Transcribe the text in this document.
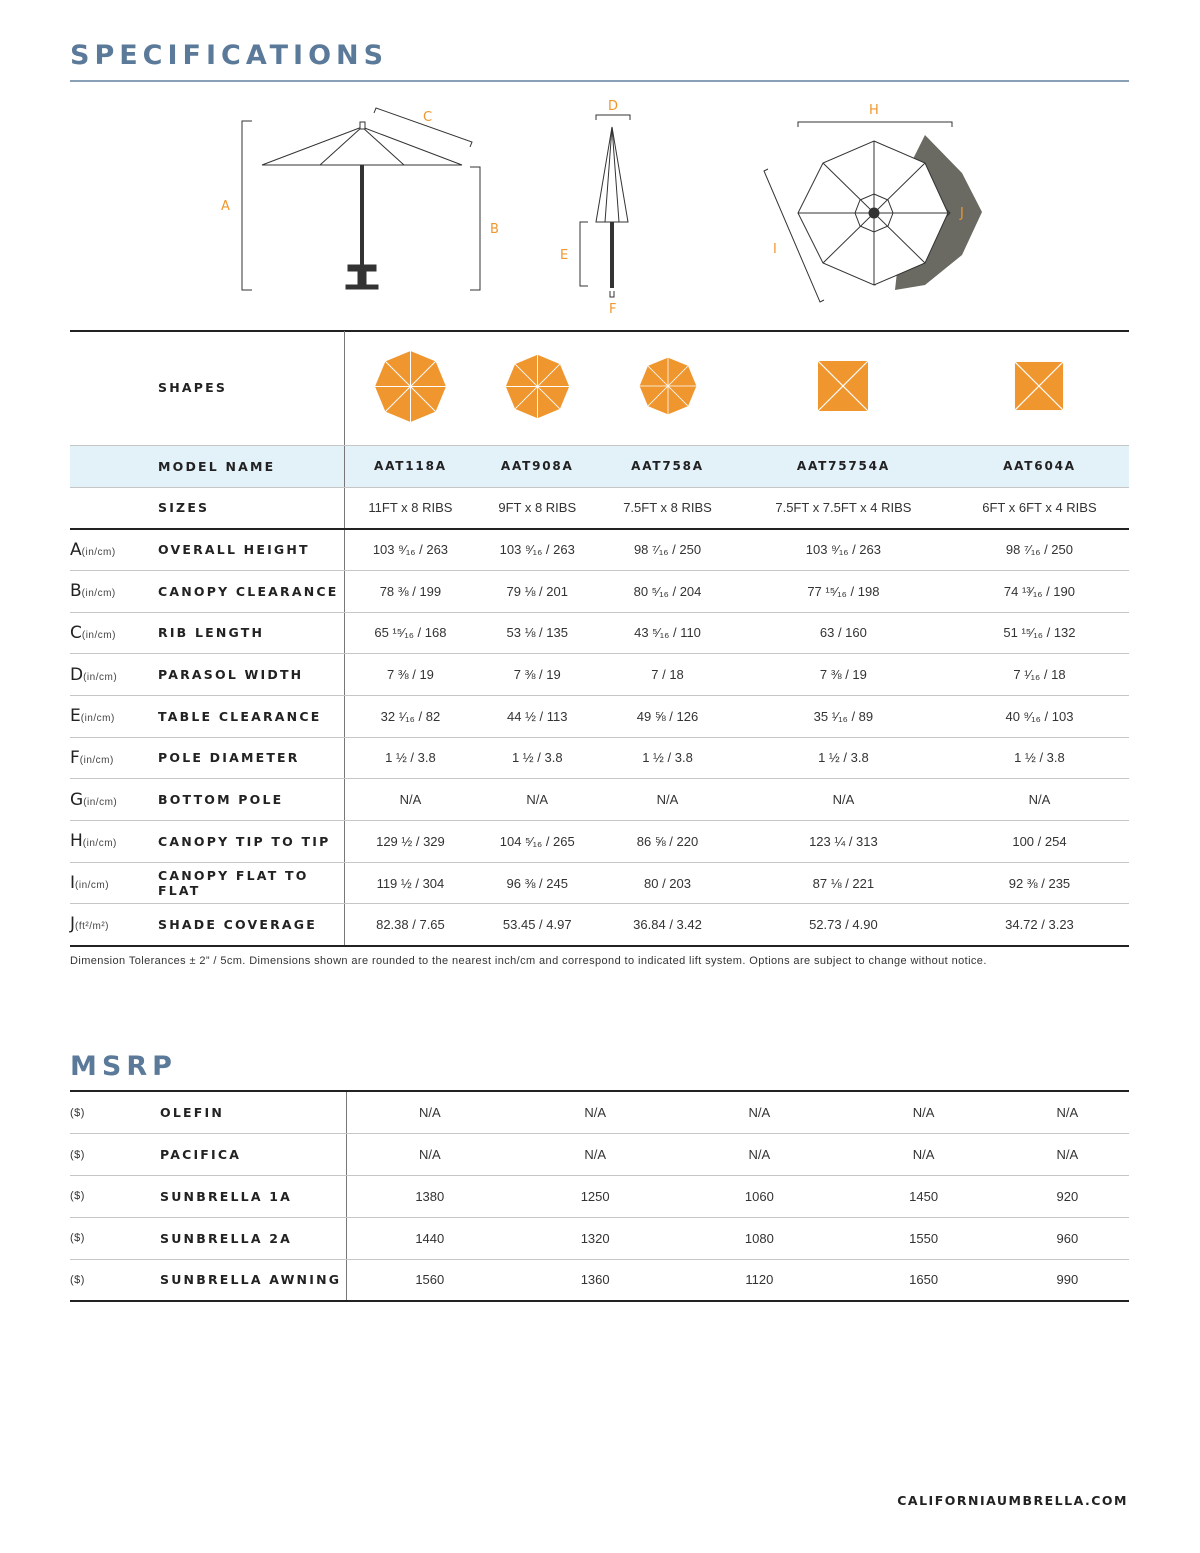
SPECIFICATIONS
A
B
C
D
E
F
H
I
J
	SHAPES					
	MODEL NAME	AAT118A	AAT908A	AAT758A	AAT75754A	AAT604A
	SIZES	11FT x 8 RIBS	9FT x 8 RIBS	7.5FT x 8 RIBS	7.5FT x 7.5FT x 4 RIBS	6FT x 6FT x 4 RIBS
A(in/cm)	OVERALL HEIGHT	103 ⁹⁄₁₆ / 263	103 ⁹⁄₁₆ / 263	98 ⁷⁄₁₆ / 250	103 ⁹⁄₁₆ / 263	98 ⁷⁄₁₆ / 250
B(in/cm)	CANOPY CLEARANCE	78 ⅜ / 199	79 ⅛ / 201	80 ⁵⁄₁₆ / 204	77 ¹⁵⁄₁₆ / 198	74 ¹³⁄₁₆ / 190
C(in/cm)	RIB LENGTH	65 ¹⁵⁄₁₆ / 168	53 ⅛ / 135	43 ⁵⁄₁₆ / 110	63 / 160	51 ¹⁵⁄₁₆ / 132
D(in/cm)	PARASOL WIDTH	7 ⅜ / 19	7 ⅜ / 19	7 / 18	7 ⅜ / 19	7 ¹⁄₁₆ / 18
E(in/cm)	TABLE CLEARANCE	32 ¹⁄₁₆ / 82	44 ½ / 113	49 ⅝ / 126	35 ¹⁄₁₆ / 89	40 ⁹⁄₁₆ / 103
F(in/cm)	POLE DIAMETER	1 ½ / 3.8	1 ½ / 3.8	1 ½ / 3.8	1 ½ / 3.8	1 ½ / 3.8
G(in/cm)	BOTTOM POLE	N/A	N/A	N/A	N/A	N/A
H(in/cm)	CANOPY TIP TO TIP	129 ½ / 329	104 ⁵⁄₁₆ / 265	86 ⅝ / 220	123 ¼ / 313	100 / 254
I(in/cm)	CANOPY FLAT TO FLAT	119 ½ / 304	96 ⅜ / 245	80 / 203	87 ⅛ / 221	92 ⅜ / 235
J(ft²/m²)	SHADE COVERAGE	82.38 / 7.65	53.45 / 4.97	36.84 / 3.42	52.73 / 4.90	34.72 / 3.23
Dimension Tolerances ± 2” / 5cm. Dimensions shown are rounded to the nearest inch/cm and correspond to indicated lift system. Options are subject to change without notice.
MSRP
($)	OLEFIN	N/A	N/A	N/A	N/A	N/A
($)	PACIFICA	N/A	N/A	N/A	N/A	N/A
($)	SUNBRELLA 1A	1380	1250	1060	1450	920
($)	SUNBRELLA 2A	1440	1320	1080	1550	960
($)	SUNBRELLA AWNING	1560	1360	1120	1650	990
CALIFORNIAUMBRELLA.COM
